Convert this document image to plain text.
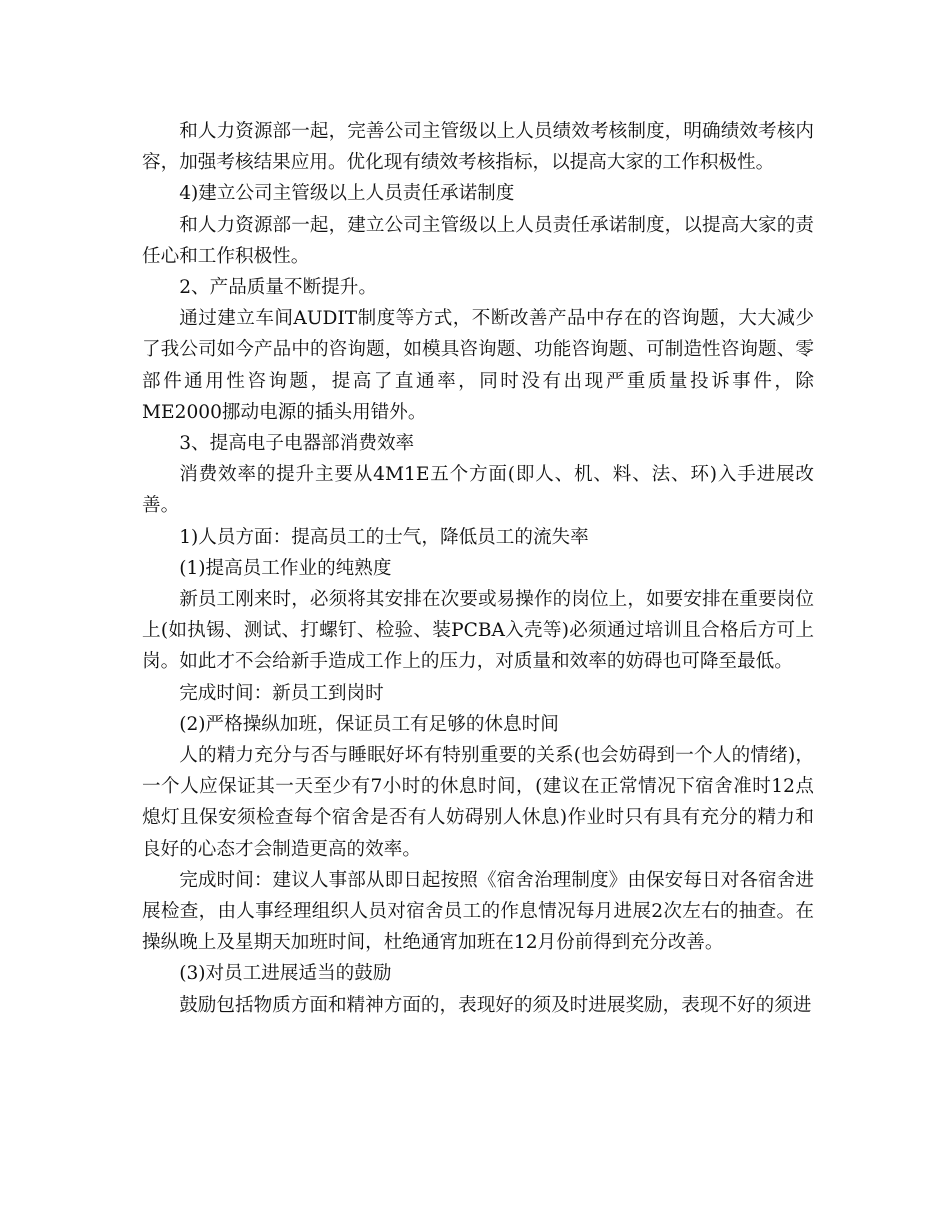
和人力资源部一起，完善公司主管级以上人员绩效考核制度，明确绩效考核内容，加强考核结果应用。优化现有绩效考核指标，以提高大家的工作积极性。

4)建立公司主管级以上人员责任承诺制度

和人力资源部一起，建立公司主管级以上人员责任承诺制度，以提高大家的责任心和工作积极性。

2、产品质量不断提升。

通过建立车间AUDIT制度等方式，不断改善产品中存在的咨询题，大大减少了我公司如今产品中的咨询题，如模具咨询题、功能咨询题、可制造性咨询题、零部件通用性咨询题，提高了直通率，同时没有出现严重质量投诉事件，除ME2000挪动电源的插头用错外。

3、提高电子电器部消费效率

消费效率的提升主要从4M1E五个方面(即人、机、料、法、环)入手进展改善。

1)人员方面：提高员工的士气，降低员工的流失率

(1)提高员工作业的纯熟度

新员工刚来时，必须将其安排在次要或易操作的岗位上，如要安排在重要岗位上(如执锡、测试、打螺钉、检验、装PCBA入壳等)必须通过培训且合格后方可上岗。如此才不会给新手造成工作上的压力，对质量和效率的妨碍也可降至最低。

完成时间：新员工到岗时

(2)严格操纵加班，保证员工有足够的休息时间

人的精力充分与否与睡眠好坏有特别重要的关系(也会妨碍到一个人的情绪)，一个人应保证其一天至少有7小时的休息时间，(建议在正常情况下宿舍准时12点熄灯且保安须检查每个宿舍是否有人妨碍别人休息)作业时只有具有充分的精力和良好的心态才会制造更高的效率。

完成时间：建议人事部从即日起按照《宿舍治理制度》由保安每日对各宿舍进展检查，由人事经理组织人员对宿舍员工的作息情况每月进展2次左右的抽查。在操纵晚上及星期天加班时间，杜绝通宵加班在12月份前得到充分改善。

(3)对员工进展适当的鼓励

鼓励包括物质方面和精神方面的，表现好的须及时进展奖励，表现不好的须进
